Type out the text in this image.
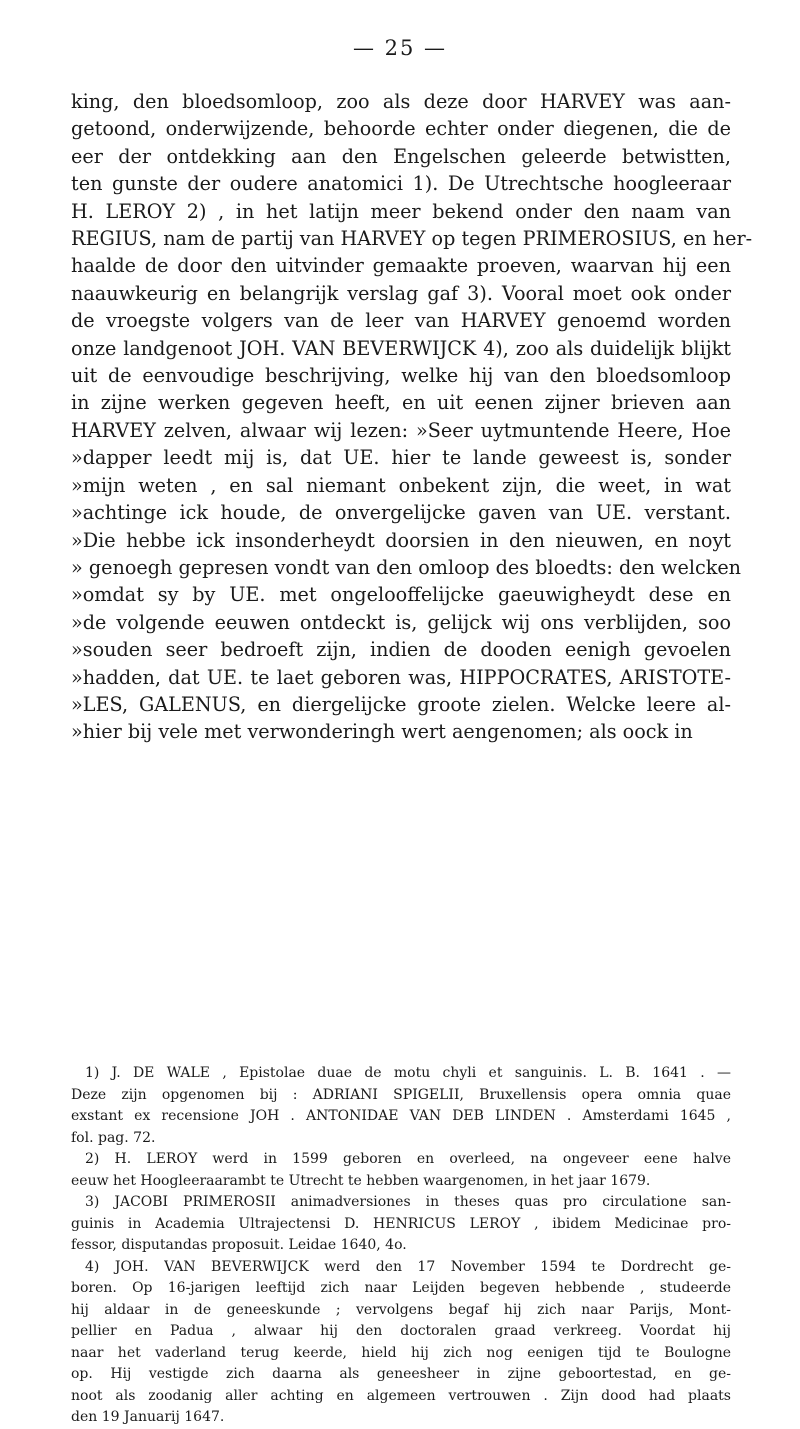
— 25 —
king, den bloedsomloop, zoo als deze door HARVEY was aan-
getoond, onderwijzende, behoorde echter onder diegenen, die de
eer der ontdekking aan den Engelschen geleerde betwistten,
ten gunste der oudere anatomici 1). De Utrechtsche hoogleeraar
H. LEROY 2) , in het latijn meer bekend onder den naam van
REGIUS, nam de partij van HARVEY op tegen PRIMEROSIUS, en her-
haalde de door den uitvinder gemaakte proeven, waarvan hij een
naauwkeurig en belangrijk verslag gaf 3). Vooral moet ook onder
de vroegste volgers van de leer van HARVEY genoemd worden
onze landgenoot JOH. VAN BEVERWIJCK 4), zoo als duidelijk blijkt
uit de eenvoudige beschrijving, welke hij van den bloedsomloop
in zijne werken gegeven heeft, en uit eenen zijner brieven aan
HARVEY zelven, alwaar wij lezen: »Seer uytmuntende Heere, Hoe
»dapper leedt mij is, dat UE. hier te lande geweest is, sonder
»mijn weten , en sal niemant onbekent zijn, die weet, in wat
»achtinge ick houde, de onvergelijcke gaven van UE. verstant.
»Die hebbe ick insonderheydt doorsien in den nieuwen, en noyt
» genoegh gepresen vondt van den omloop des bloedts: den welcken
»omdat sy by UE. met ongelooffelijcke gaeuwigheydt dese en
»de volgende eeuwen ontdeckt is, gelijck wij ons verblijden, soo
»souden seer bedroeft zijn, indien de dooden eenigh gevoelen
»hadden, dat UE. te laet geboren was, HIPPOCRATES, ARISTOTE-
»LES, GALENUS, en diergelijcke groote zielen. Welcke leere al-
»hier bij vele met verwonderingh wert aengenomen; als oock in
1) J. DE WALE , Epistolae duae de motu chyli et sanguinis. L. B. 1641 . —
Deze zijn opgenomen bij : ADRIANI SPIGELII, Bruxellensis opera omnia quae
exstant ex recensione JOH . ANTONIDAE VAN DEB LINDEN . Amsterdami 1645 ,
fol. pag. 72.
2) H. LEROY werd in 1599 geboren en overleed, na ongeveer eene halve
eeuw het Hoogleeraarambt te Utrecht te hebben waargenomen, in het jaar 1679.
3) JACOBI PRIMEROSII animadversiones in theses quas pro circulatione san-
guinis in Academia Ultrajectensi D. HENRICUS LEROY , ibidem Medicinae pro-
fessor, disputandas proposuit. Leidae 1640, 4o.
4) JOH. VAN BEVERWIJCK werd den 17 November 1594 te Dordrecht ge-
boren. Op 16-jarigen leeftijd zich naar Leijden begeven hebbende , studeerde
hij aldaar in de geneeskunde ; vervolgens begaf hij zich naar Parijs, Mont-
pellier en Padua , alwaar hij den doctoralen graad verkreeg. Voordat hij
naar het vaderland terug keerde, hield hij zich nog eenigen tijd te Boulogne
op. Hij vestigde zich daarna als geneesheer in zijne geboortestad, en ge-
noot als zoodanig aller achting en algemeen vertrouwen . Zijn dood had plaats
den 19 Januarij 1647.
